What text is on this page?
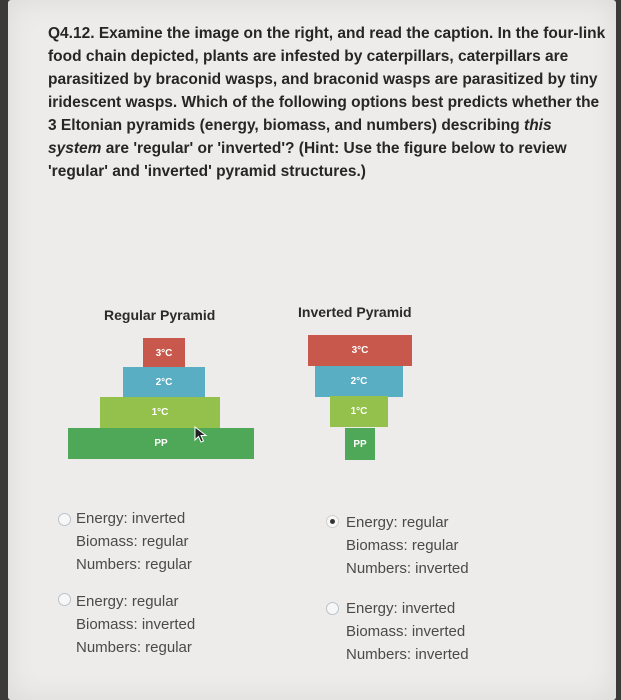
Q4.12. Examine the image on the right, and read the caption. In the four-link food chain depicted, plants are infested by caterpillars, caterpillars are parasitized by braconid wasps, and braconid wasps are parasitized by tiny iridescent wasps. Which of the following options best predicts whether the 3 Eltonian pyramids (energy, biomass, and numbers) describing this system are 'regular' or 'inverted'? (Hint: Use the figure below to review 'regular' and 'inverted' pyramid structures.)

Regular Pyramid
3°C
2°C
1°C
PP
Inverted Pyramid
3°C
2°C
1°C
PP
Energy: inverted
Biomass: regular
Numbers: regular
Energy: regular
Biomass: regular
Numbers: inverted
Energy: regular
Biomass: inverted
Numbers: regular
Energy: inverted
Biomass: inverted
Numbers: inverted
